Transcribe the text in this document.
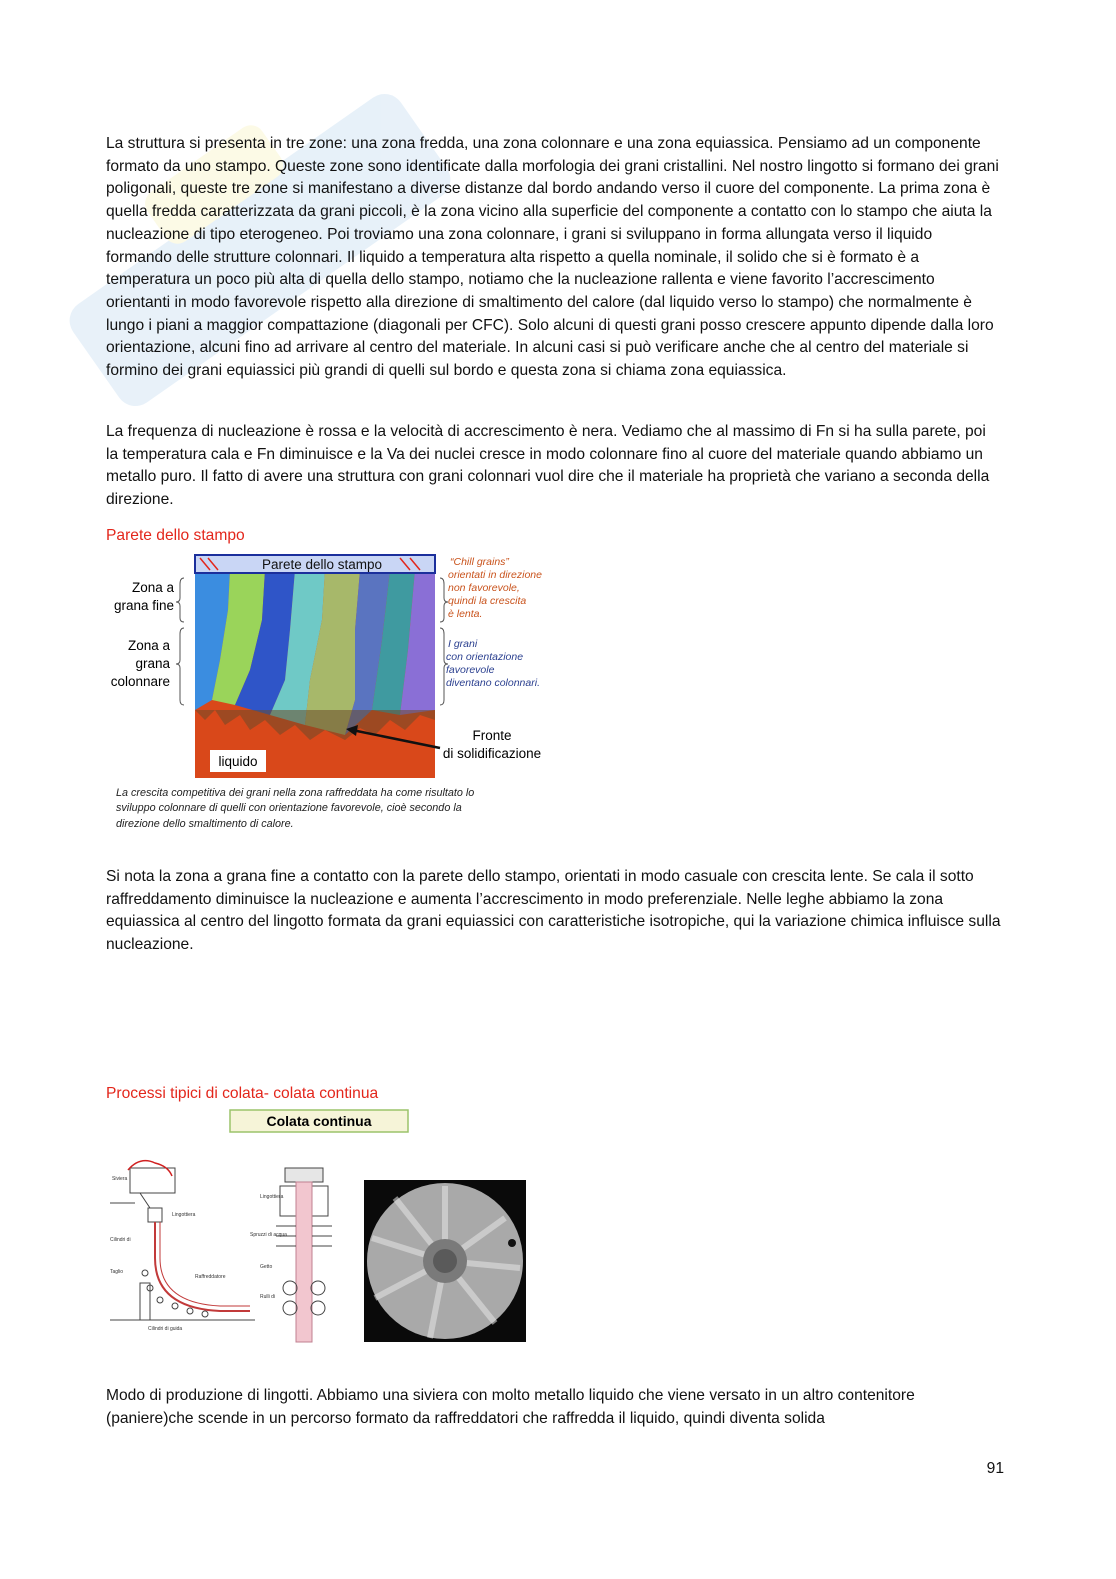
La struttura si presenta in tre zone: una zona fredda, una zona colonnare e una zona equiassica. Pensiamo ad un componente formato da uno stampo. Queste zone sono identificate dalla morfologia dei grani cristallini. Nel nostro lingotto si formano dei grani poligonali, queste tre zone si manifestano a diverse distanze dal bordo andando verso il cuore del componente. La prima zona è quella fredda caratterizzata da grani piccoli, è la zona vicino alla superficie del componente a contatto con lo stampo che aiuta la nucleazione di tipo eterogeneo. Poi troviamo una zona colonnare, i grani si sviluppano in forma allungata verso il liquido formando delle strutture colonnari. Il liquido a temperatura alta rispetto a quella nominale, il solido che si è formato è a temperatura un poco più alta di quella dello stampo, notiamo che la nucleazione rallenta e viene favorito l’accrescimento orientanti in modo favorevole rispetto alla direzione di smaltimento del calore (dal liquido verso lo stampo) che normalmente è lungo i piani a maggior compattazione (diagonali per CFC). Solo alcuni di questi grani posso crescere appunto dipende dalla loro orientazione, alcuni fino ad arrivare al centro del materiale. In alcuni casi si può verificare anche che al centro del materiale si formino dei grani equiassici più grandi di quelli sul bordo e questa zona si chiama zona equiassica.

La frequenza di nucleazione è rossa e la velocità di accrescimento è nera. Vediamo che al massimo di Fn si ha sulla parete, poi la temperatura cala e Fn diminuisce e la Va dei nuclei cresce in modo colonnare fino al cuore del materiale quando abbiamo un metallo puro. Il fatto di avere una struttura con grani colonnari vuol dire che il materiale ha proprietà che variano a seconda della direzione.

Parete dello stampo

Parete dello stampo
Zona a
grana fine
Zona a
grana
colonnare
“Chill grains”
orientati in direzione
non favorevole,
quindi la crescita
è lenta.
I grani
con orientazione
favorevole
diventano colonnari.
Fronte
di solidificazione
liquido
La crescita competitiva dei grani nella zona raffreddata ha come risultato lo
sviluppo colonnare di quelli con orientazione favorevole, cioè secondo la
direzione dello smaltimento di calore.

Si nota la zona a grana fine a contatto con la parete dello stampo, orientati in modo casuale con crescita lente. Se cala il sotto raffreddamento diminuisce la nucleazione e aumenta l’accrescimento in modo preferenziale. Nelle leghe abbiamo la zona equiassica al centro del lingotto formata da grani equiassici con caratteristiche isotropiche, qui la variazione chimica influisce sulla nucleazione.

Processi tipici di colata- colata continua

Colata continua
Siviera
Lingottiera
Cilindri di
Taglio
Raffreddatore
Cilindri di guida
Lingottiera
Spruzzi di acqua
Getto
Rulli di

Modo di produzione di lingotti. Abbiamo una siviera con molto metallo liquido che viene versato in un altro contenitore (paniere)che scende in un percorso formato da raffreddatori che raffredda il liquido, quindi diventa solida

91
